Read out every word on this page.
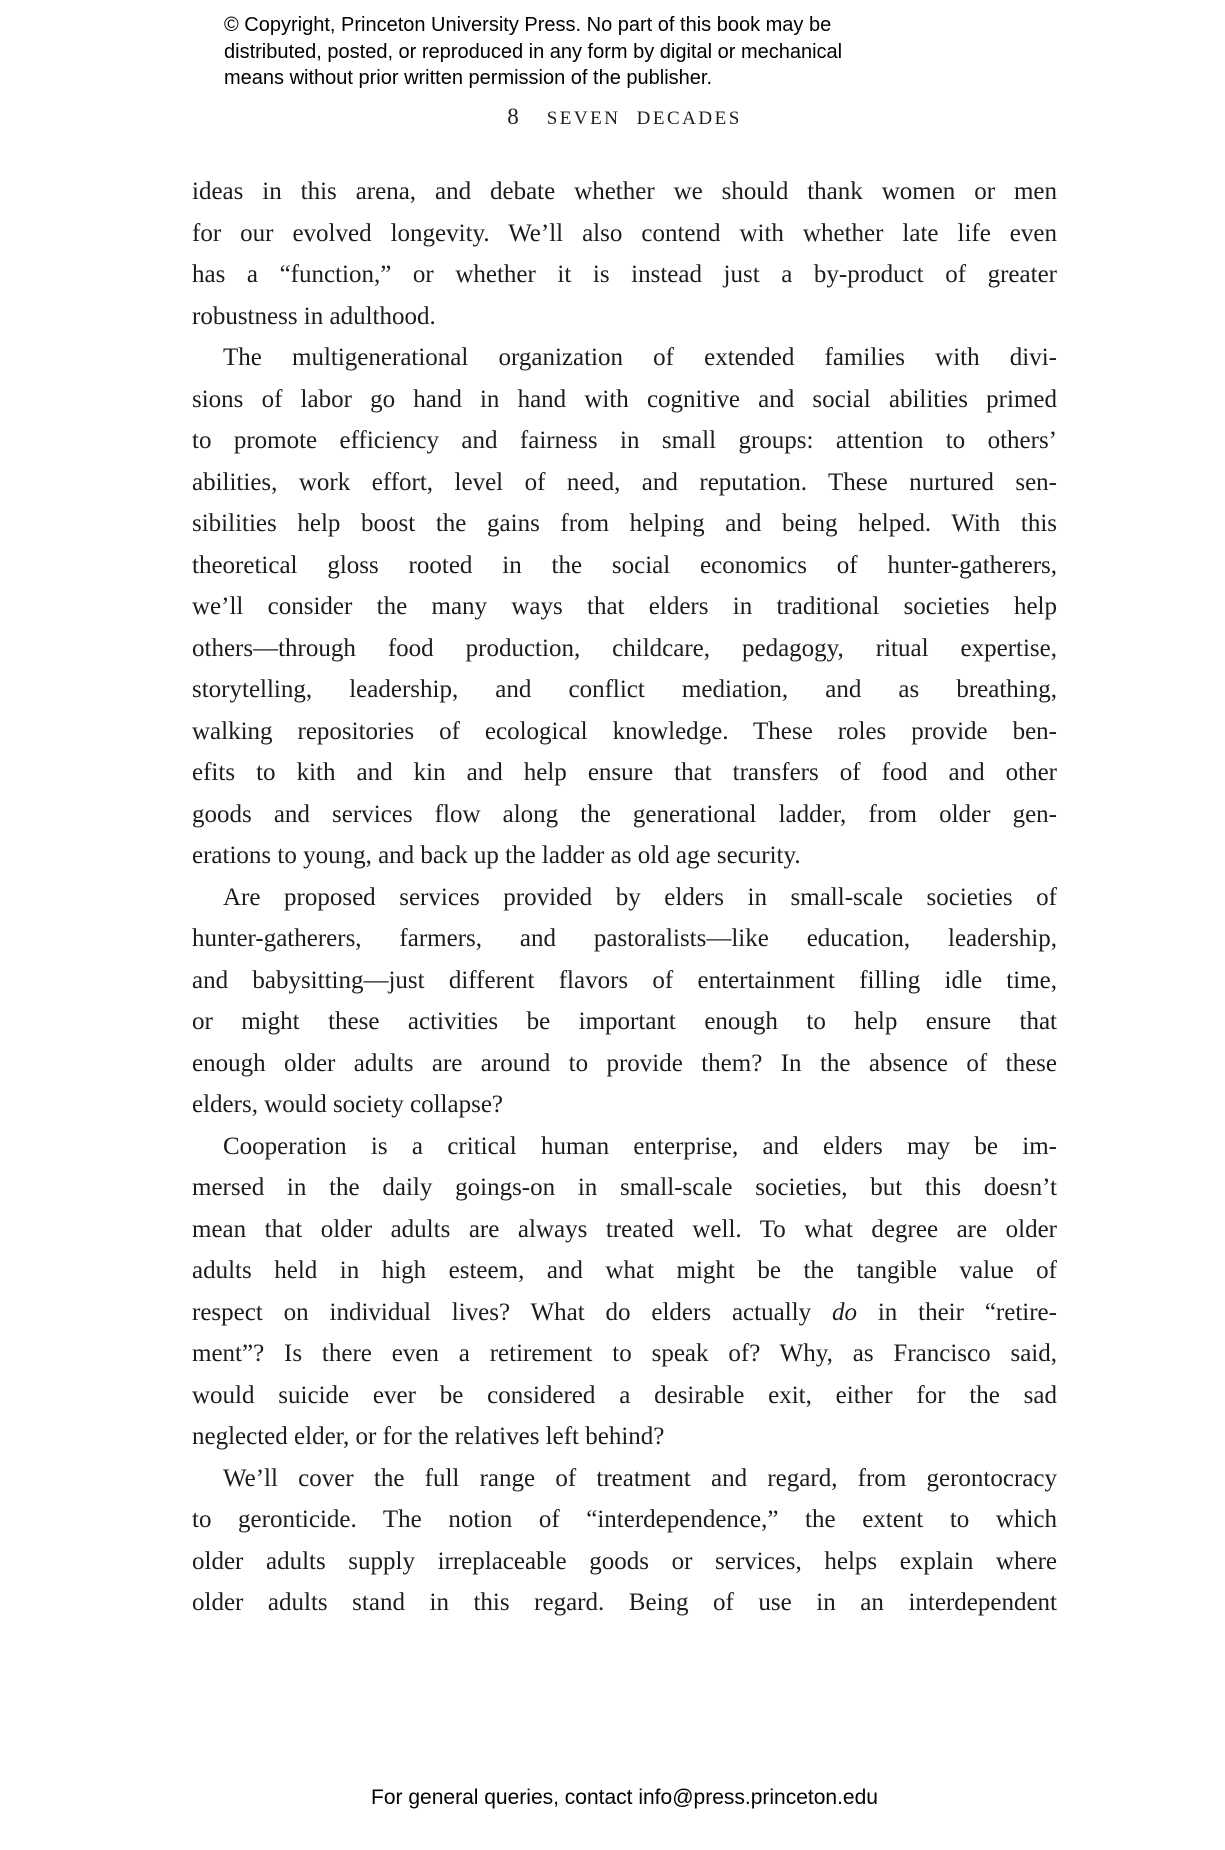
© Copyright, Princeton University Press. No part of this book may be
distributed, posted, or reproduced in any form by digital or mechanical
means without prior written permission of the publisher.
8 SEVEN DECADES
ideas in this arena, and debate whether we should thank women or men
for our evolved longevity. We’ll also contend with whether late life even
has a “function,” or whether it is instead just a by-product of greater
robustness in adulthood.
The multigenerational organization of extended families with divi-
sions of labor go hand in hand with cognitive and social abilities primed
to promote efficiency and fairness in small groups: attention to others’
abilities, work effort, level of need, and reputation. These nurtured sen-
sibilities help boost the gains from helping and being helped. With this
theoretical gloss rooted in the social economics of hunter-gatherers,
we’ll consider the many ways that elders in traditional societies help
others—through food production, childcare, pedagogy, ritual expertise,
storytelling, leadership, and conflict mediation, and as breathing,
walking repositories of ecological knowledge. These roles provide ben-
efits to kith and kin and help ensure that transfers of food and other
goods and services flow along the generational ladder, from older gen-
erations to young, and back up the ladder as old age security.
Are proposed services provided by elders in small-scale societies of
hunter-gatherers, farmers, and pastoralists—like education, leadership,
and babysitting—just different flavors of entertainment filling idle time,
or might these activities be important enough to help ensure that
enough older adults are around to provide them? In the absence of these
elders, would society collapse?
Cooperation is a critical human enterprise, and elders may be im-
mersed in the daily goings-on in small-scale societies, but this doesn’t
mean that older adults are always treated well. To what degree are older
adults held in high esteem, and what might be the tangible value of
respect on individual lives? What do elders actually do in their “retire-
ment”? Is there even a retirement to speak of? Why, as Francisco said,
would suicide ever be considered a desirable exit, either for the sad
neglected elder, or for the relatives left behind?
We’ll cover the full range of treatment and regard, from gerontocracy
to geronticide. The notion of “interdependence,” the extent to which
older adults supply irreplaceable goods or services, helps explain where
older adults stand in this regard. Being of use in an interdependent
For general queries, contact info@press.princeton.edu
